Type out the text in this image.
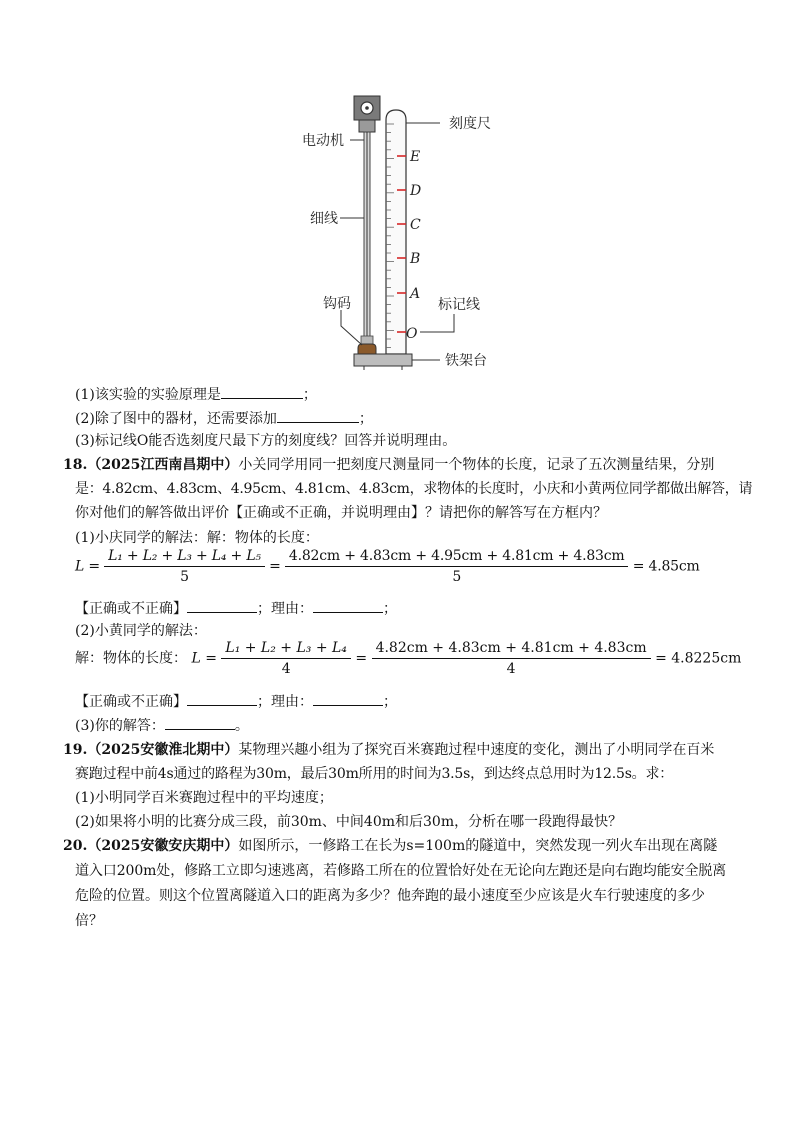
E
D
C
B
A
O
电动机
刻度尺
细线
钩码	标记线
铁架台
(1)该实验的实验原理是	；
(2)除了图中的器材，还需要添加	；
(3)标记线O能否选刻度尺最下方的刻度线？回答并说明理由。
18.（2025江西南昌期中）小关同学用同一把刻度尺测量同一个物体的长度，记录了五次测量结果，分别
是：4.82cm、4.83cm、4.95cm、4.81cm、4.83cm，求物体的长度时，小庆和小黄两位同学都做出解答，请
你对他们的解答做出评价【正确或不正确，并说明理由】？请把你的解答写在方框内？
(1)小庆同学的解法：解：物体的长度：
$L = \frac{\text{L₁ + L₂ + L₃ + L₄ + L₅}}{5} = \frac{4.82cm + 4.83cm + 4.95cm + 4.81cm + 4.83cm}{5} = 4.85cm$
【正确或不正确】	；理由：	；
(2)小黄同学的解法：
解：物体的长度： $L = \frac{\text{L₁ + L₂ + L₃ + L₄}}{4} = \frac{4.82cm + 4.83cm + 4.81cm + 4.83cm}{4} = 4.8225cm$
【正确或不正确】	；理由：	；
(3)你的解答：	。
19.（2025安徽淮北期中）某物理兴趣小组为了探究百米赛跑过程中速度的变化，测出了小明同学在百米
赛跑过程中前4s通过的路程为30m，最后30m所用的时间为3.5s，到达终点总用时为12.5s。求：
(1)小明同学百米赛跑过程中的平均速度；
(2)如果将小明的比赛分成三段，前30m、中间40m和后30m，分析在哪一段跑得最快？
20.（2025安徽安庆期中）如图所示，一修路工在长为s=100m的隧道中，突然发现一列火车出现在离隧
道入口200m处，修路工立即匀速逃离，若修路工所在的位置恰好处在无论向左跑还是向右跑均能安全脱离
危险的位置。则这个位置离隧道入口的距离为多少？他奔跑的最小速度至少应该是火车行驶速度的多少
倍？
